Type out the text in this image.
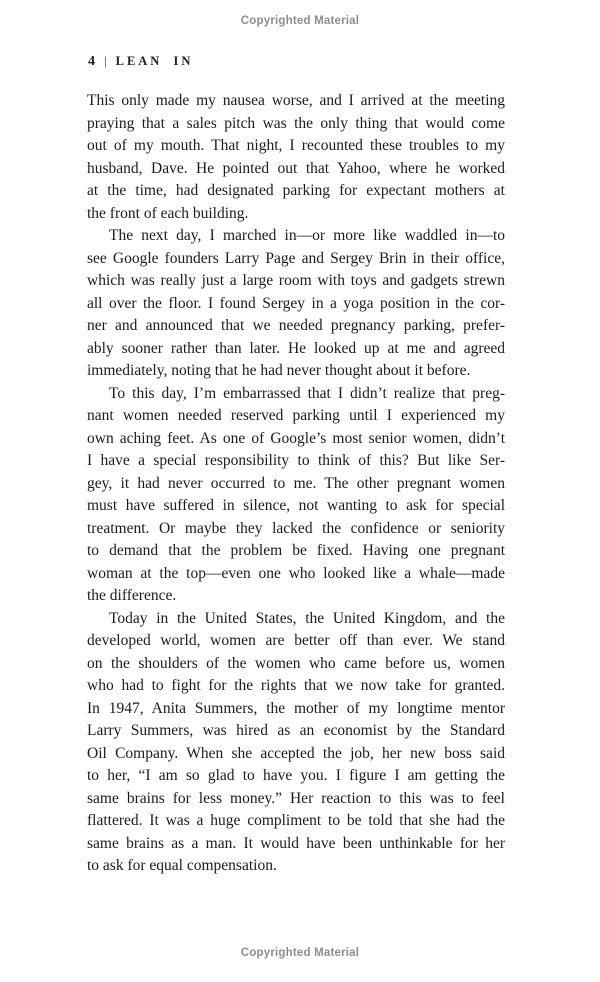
Copyrighted Material
4 | LEAN IN
This only made my nausea worse, and I arrived at the meeting
praying that a sales pitch was the only thing that would come
out of my mouth. That night, I recounted these troubles to my
husband, Dave. He pointed out that Yahoo, where he worked
at the time, had designated parking for expectant mothers at
the front of each building.
The next day, I marched in—or more like waddled in—to
see Google founders Larry Page and Sergey Brin in their office,
which was really just a large room with toys and gadgets strewn
all over the floor. I found Sergey in a yoga position in the cor-
ner and announced that we needed pregnancy parking, prefer-
ably sooner rather than later. He looked up at me and agreed
immediately, noting that he had never thought about it before.
To this day, I’m embarrassed that I didn’t realize that preg-
nant women needed reserved parking until I experienced my
own aching feet. As one of Google’s most senior women, didn’t
I have a special responsibility to think of this? But like Ser-
gey, it had never occurred to me. The other pregnant women
must have suffered in silence, not wanting to ask for special
treatment. Or maybe they lacked the confidence or seniority
to demand that the problem be fixed. Having one pregnant
woman at the top—even one who looked like a whale—made
the difference.
Today in the United States, the United Kingdom, and the
developed world, women are better off than ever. We stand
on the shoulders of the women who came before us, women
who had to fight for the rights that we now take for granted.
In 1947, Anita Summers, the mother of my longtime mentor
Larry Summers, was hired as an economist by the Standard
Oil Company. When she accepted the job, her new boss said
to her, “I am so glad to have you. I figure I am getting the
same brains for less money.” Her reaction to this was to feel
flattered. It was a huge compliment to be told that she had the
same brains as a man. It would have been unthinkable for her
to ask for equal compensation.
Copyrighted Material
